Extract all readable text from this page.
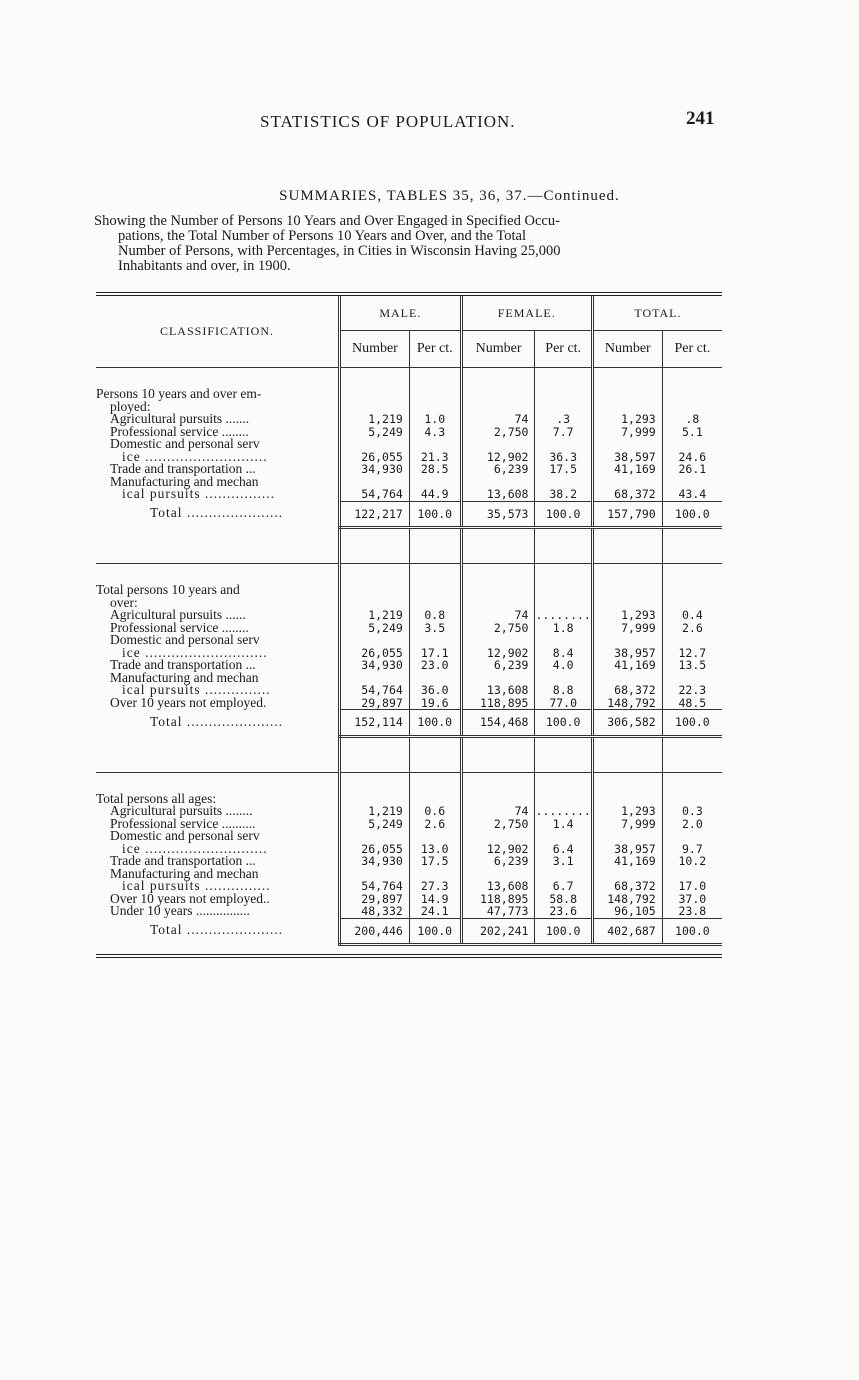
STATISTICS OF POPULATION.	241
SUMMARIES, TABLES 35, 36, 37.—Continued.
Showing the Number of Persons 10 Years and Over Engaged in Specified Occu-
pations, the Total Number of Persons 10 Years and Over, and the Total
Number of Persons, with Percentages, in Cities in Wisconsin Having 25,000
Inhabitants and over, in 1900.
CLASSIFICATION.	MALE.		FEMALE.		TOTAL.	
	Number	Per ct.	Number	Per ct.	Number	Per ct.

Persons 10 years and over em-						
ployed:						

Agricultural pursuits .......	1,219	1.0	74	.3	1,293	.8

Professional service ........	5,249	4.3	2,750	7.7	7,999	5.1

Domestic and personal serv
ice ............................	26,055	21.3	12,902	36.3	38,597	24.6

Trade and transportation ...	34,930	28.5	6,239	17.5	41,169	26.1

Manufacturing and mechan
ical pursuits ................	54,764	44.9	13,608	38.2	68,372	43.4

Total ......................	122,217	100.0	35,573	100.0	157,790	100.0

Total persons 10 years and						
over:						

Agricultural pursuits ......	1,219	0.8	74	........	1,293	0.4

Professional service ........	5,249	3.5	2,750	1.8	7,999	2.6

Domestic and personal serv
ice ............................	26,055	17.1	12,902	8.4	38,957	12.7

Trade and transportation ...	34,930	23.0	6,239	4.0	41,169	13.5

Manufacturing and mechan
ical pursuits ...............	54,764	36.0	13,608	8.8	68,372	22.3

Over 10 years not employed.	29,897	19.6	118,895	77.0	148,792	48.5

Total ......................	152,114	100.0	154,468	100.0	306,582	100.0

Total persons all ages:						

Agricultural pursuits ........	1,219	0.6	74	........	1,293	0.3

Professional service ..........	5,249	2.6	2,750	1.4	7,999	2.0

Domestic and personal serv
ice ............................	26,055	13.0	12,902	6.4	38,957	9.7

Trade and transportation ...	34,930	17.5	6,239	3.1	41,169	10.2

Manufacturing and mechan
ical pursuits ...............	54,764	27.3	13,608	6.7	68,372	17.0

Over 10 years not employed..	29,897	14.9	118,895	58.8	148,792	37.0

Under 10 years ................	48,332	24.1	47,773	23.6	96,105	23.8

Total ......................	200,446	100.0	202,241	100.0	402,687	100.0
